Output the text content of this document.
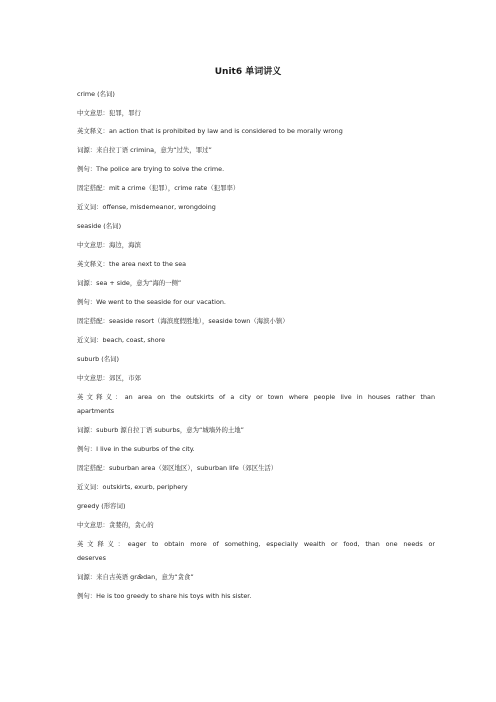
Unit6 单词讲义
crime (名词)
中文意思：犯罪，罪行
英文释义：an action that is prohibited by law and is considered to be morally wrong
词源：来自拉丁语 crimina，意为“过失，罪过”
例句：The police are trying to solve the crime.
固定搭配：mit a crime（犯罪），crime rate（犯罪率）
近义词：offense, misdemeanor, wrongdoing
seaside (名词)
中文意思：海边，海滨
英文释义：the area next to the sea
词源：sea + side，意为“海的一侧”
例句：We went to the seaside for our vacation.
固定搭配：seaside resort（海滨度假胜地），seaside town（海滨小镇）
近义词：beach, coast, shore
suburb (名词)
中文意思：郊区，市郊
英文释义：an area on the outskirts of a city or town where people live in houses rather than
apartments
词源：suburb 源自拉丁语 suburbs，意为“城墙外的土地”
例句：I live in the suburbs of the city.
固定搭配：suburban area（郊区地区），suburban life（郊区生活）
近义词：outskirts, exurb, periphery
greedy (形容词)
中文意思：贪婪的，贪心的
英文释义：eager to obtain more of something, especially wealth or food, than one needs or
deserves
词源：来自古英语 grǣdan，意为“贪食”
例句：He is too greedy to share his toys with his sister.
